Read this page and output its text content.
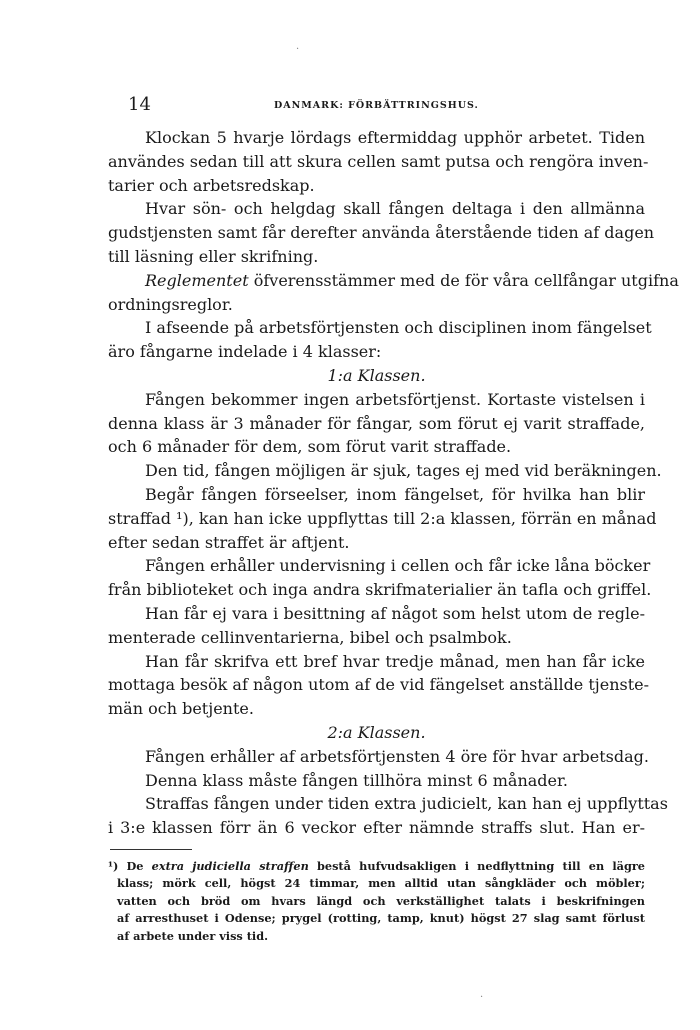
·
14	DANMARK: FÖRBÄTTRINGSHUS.
Klockan 5 hvarje lördags eftermiddag upphör arbetet. Tiden
användes sedan till att skura cellen samt putsa och rengöra inven-
tarier och arbetsredskap.
Hvar sön- och helgdag skall fången deltaga i den allmänna
gudstjensten samt får derefter använda återstående tiden af dagen
till läsning eller skrifning.
Reglementet öfverensstämmer med de för våra cellfångar utgifna
ordningsreglor.
I afseende på arbetsförtjensten och disciplinen inom fängelset
äro fångarne indelade i 4 klasser:
1:a Klassen.
Fången bekommer ingen arbetsförtjenst. Kortaste vistelsen i
denna klass är 3 månader för fångar, som förut ej varit straffade,
och 6 månader för dem, som förut varit straffade.
Den tid, fången möjligen är sjuk, tages ej med vid beräkningen.
Begår fången förseelser, inom fängelset, för hvilka han blir
straffad ¹), kan han icke uppflyttas till 2:a klassen, förrän en månad
efter sedan straffet är aftjent.
Fången erhåller undervisning i cellen och får icke låna böcker
från biblioteket och inga andra skrifmaterialier än tafla och griffel.
Han får ej vara i besittning af något som helst utom de regle-
menterade cellinventarierna, bibel och psalmbok.
Han får skrifva ett bref hvar tredje månad, men han får icke
mottaga besök af någon utom af de vid fängelset anställde tjenste-
män och betjente.
2:a Klassen.
Fången erhåller af arbetsförtjensten 4 öre för hvar arbetsdag.
Denna klass måste fången tillhöra minst 6 månader.
Straffas fången under tiden extra judicielt, kan han ej uppflyttas
i 3:e klassen förr än 6 veckor efter nämnde straffs slut. Han er-
¹) De extra judiciella straffen bestå hufvudsakligen i nedflyttning till en lägre
klass; mörk cell, högst 24 timmar, men alltid utan sångkläder och möbler;
vatten och bröd om hvars längd och verkställighet talats i beskrifningen
af arresthuset i Odense; prygel (rotting, tamp, knut) högst 27 slag samt förlust
af arbete under viss tid.
·
